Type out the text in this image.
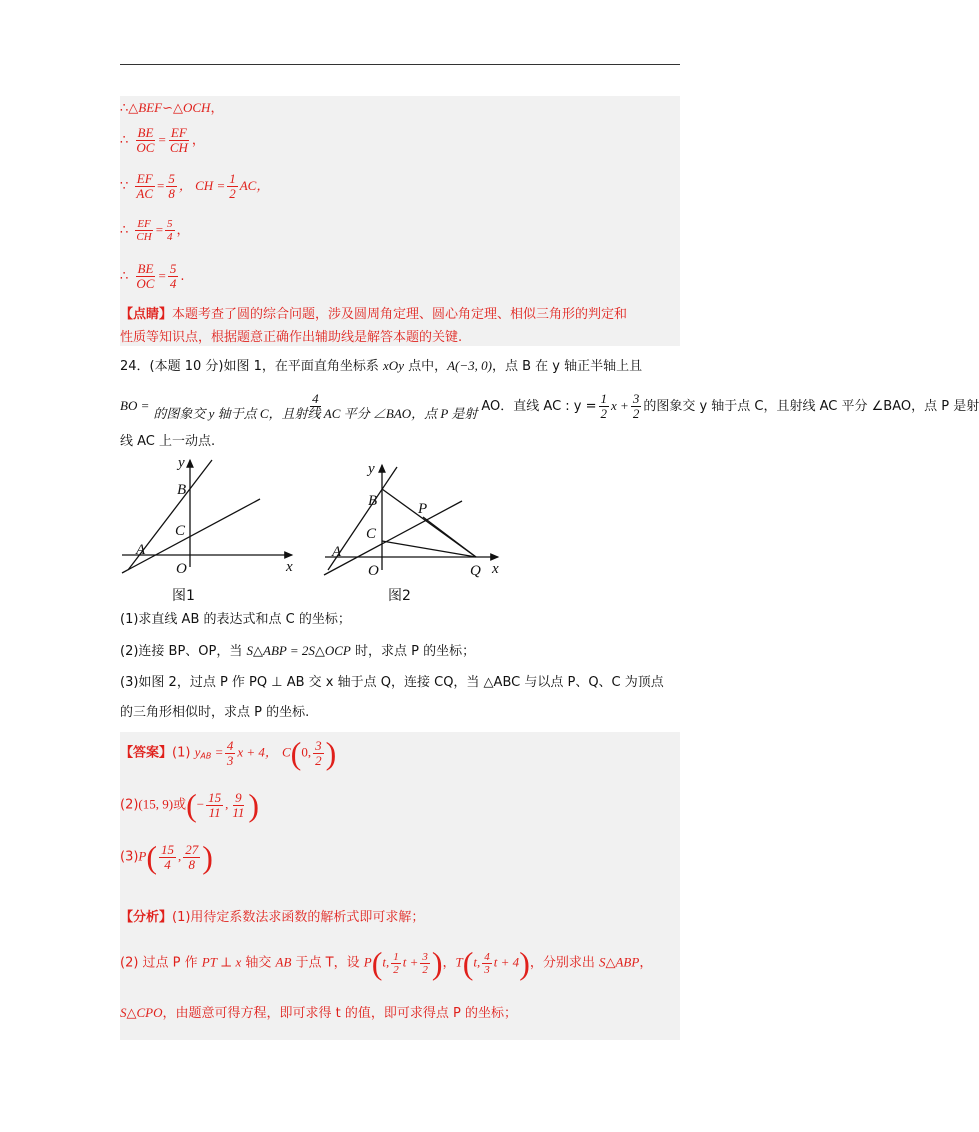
∴△BEF∽△OCH，
∴ $\frac{BE}{OC} = \frac{EF}{CH}$ ，
∵ $\frac{EF}{AC} = \frac{5}{8}$ ， CH = $\frac{1}{2}$ AC，
∴ $\frac{EF}{CH} = \frac{5}{4}$ ，
∴ $\frac{BE}{OC} = \frac{5}{4}$ .
【点睛】本题考查了圆的综合问题，涉及圆周角定理、圆心角定理、相似三角形的判定和
性质等知识点，根据题意正确作出辅助线是解答本题的关键.
24．(本题 10 分)如图 1，在平面直角坐标系 xOy 点中，A(−3, 0)，点 B 在 y 轴正半轴上且
BO = $\frac{4}{\text{的图象交 y 轴于点 C，且射线 AC 平分 ∠BAO，点 P 是射}}$ AO．直线 AC : $y = \frac{1}{2}$ $x + \frac{3}{2}$ 的图象交 y 轴于点 C，且射线 AC 平分 ∠BAO，点 P 是射
线 AC 上一动点.
y
B
C
A
O	x
图1
y
B	P
C
A
O	Q x
图2
(1)求直线 AB 的表达式和点 C 的坐标；
(2)连接 BP、OP，当 S△ABP = 2S△OCP 时，求点 P 的坐标；
(3)如图 2，过点 P 作 PQ ⊥ AB 交 x 轴于点 Q，连接 CQ，当 △ABC 与以点 P、Q、C 为顶点
的三角形相似时，求点 P 的坐标.
【答案】(1) $y_{AB} = \frac{4}{3}$ x + 4， C(0, $\frac{3}{2}$ )
(2)(15, 9)或(− $\frac{15}{11}$ , $\frac{9}{11}$ )
$(3)P( \frac{15}{4}$ , $\frac{27}{8}$ )
【分析】(1)用待定系数法求函数的解析式即可求解；
(2) 过点 P 作 PT ⊥ x 轴交 AB 于点 T，设 P(t, $\frac{1}{2}$ $t + \frac{3}{2}$ )，T(t, $\frac{4}{3}$ t + 4)，分别求出 S△ABP，
S△CPO，由题意可得方程，即可求得 t 的值，即可求得点 P 的坐标；
